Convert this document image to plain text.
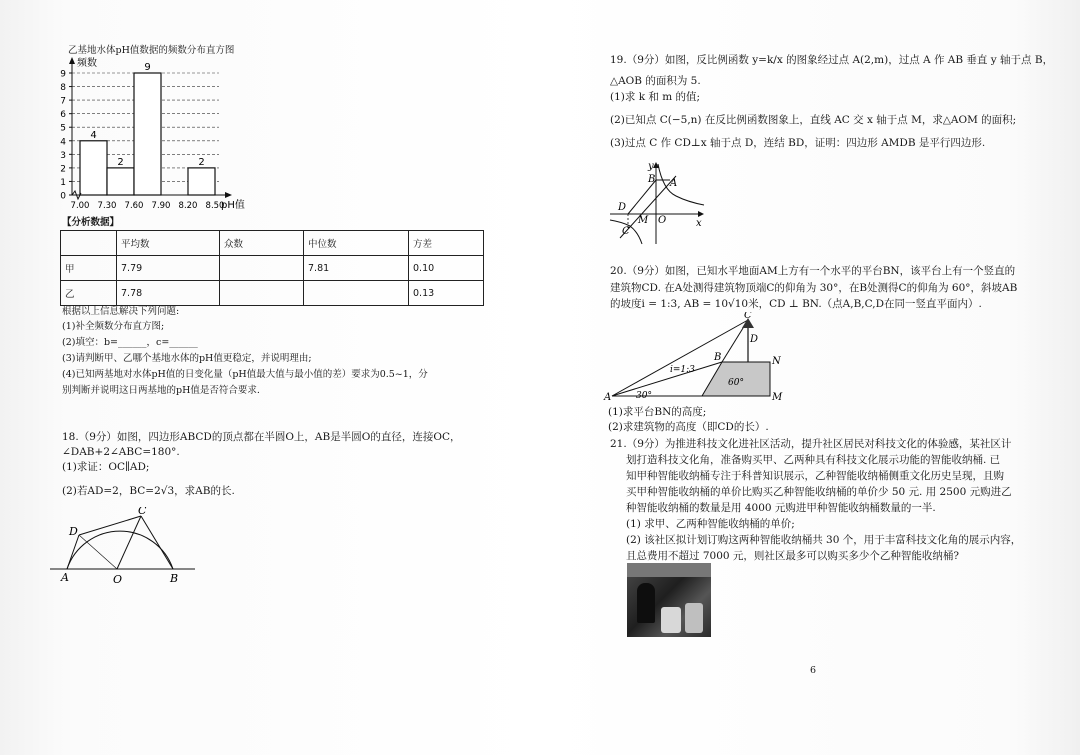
乙基地水体pH值数据的频数分布直方图
频数
pH值
0
1
2
3
4
5
6
7
8
9
7.00 7.30 7.60 7.90 8.20 8.50
4
2
9
2
【分析数据】
	平均数	众数	中位数	方差
甲	7.79		7.81	0.10
乙	7.78			0.13
根据以上信息解决下列问题:
(1)补全频数分布直方图;
(2)填空：b=______，c=______
(3)请判断甲、乙哪个基地水体的pH值更稳定，并说明理由;
(4)已知两基地对水体pH值的日变化量（pH值最大值与最小值的差）要求为0.5~1，分
别判断并说明这日两基地的pH值是否符合要求.
18.（9分）如图，四边形ABCD的顶点都在半圆O上，AB是半圆O的直径，连接OC，
∠DAB+2∠ABC=180°.
(1)求证：OC∥AD;
(2)若AD=2，BC=2√3，求AB的长.
A	O	B
C
D
19.（9分）如图，反比例函数 y=k/x 的图象经过点 A(2,m)，过点 A 作 AB 垂直 y 轴于点 B，
△AOB 的面积为 5.
(1)求 k 和 m 的值;
(2)已知点 C(−5,n) 在反比例函数图象上，直线 AC 交 x 轴于点 M，求△AOM 的面积;
(3)过点 C 作 CD⊥x 轴于点 D，连结 BD，证明：四边形 AMDB 是平行四边形.
y
x
B A
D
M O
C
20.（9分）如图，已知水平地面AM上方有一个水平的平台BN，该平台上有一个竖直的
建筑物CD. 在A处测得建筑物顶端C的仰角为 30°，在B处测得C的仰角为 60°，斜坡AB
的坡度i = 1:3, AB = 10√10米，CD ⊥ BN.（点A,B,C,D在同一竖直平面内）.
C
D
N
A	M
i=1:3
30°
60°
B
(1)求平台BN的高度;
(2)求建筑物的高度（即CD的长）.
21.（9分）为推进科技文化进社区活动，提升社区居民对科技文化的体验感，某社区计
划打造科技文化角，准备购买甲、乙两种具有科技文化展示功能的智能收纳桶. 已
知甲种智能收纳桶专注于科普知识展示，乙种智能收纳桶侧重文化历史呈现，且购
买甲种智能收纳桶的单价比购买乙种智能收纳桶的单价少 50 元. 用 2500 元购进乙
种智能收纳桶的数量是用 4000 元购进甲种智能收纳桶数量的一半.
(1) 求甲、乙两种智能收纳桶的单价;
(2) 该社区拟计划订购这两种智能收纳桶共 30 个，用于丰富科技文化角的展示内容，
且总费用不超过 7000 元，则社区最多可以购买多少个乙种智能收纳桶?
6
